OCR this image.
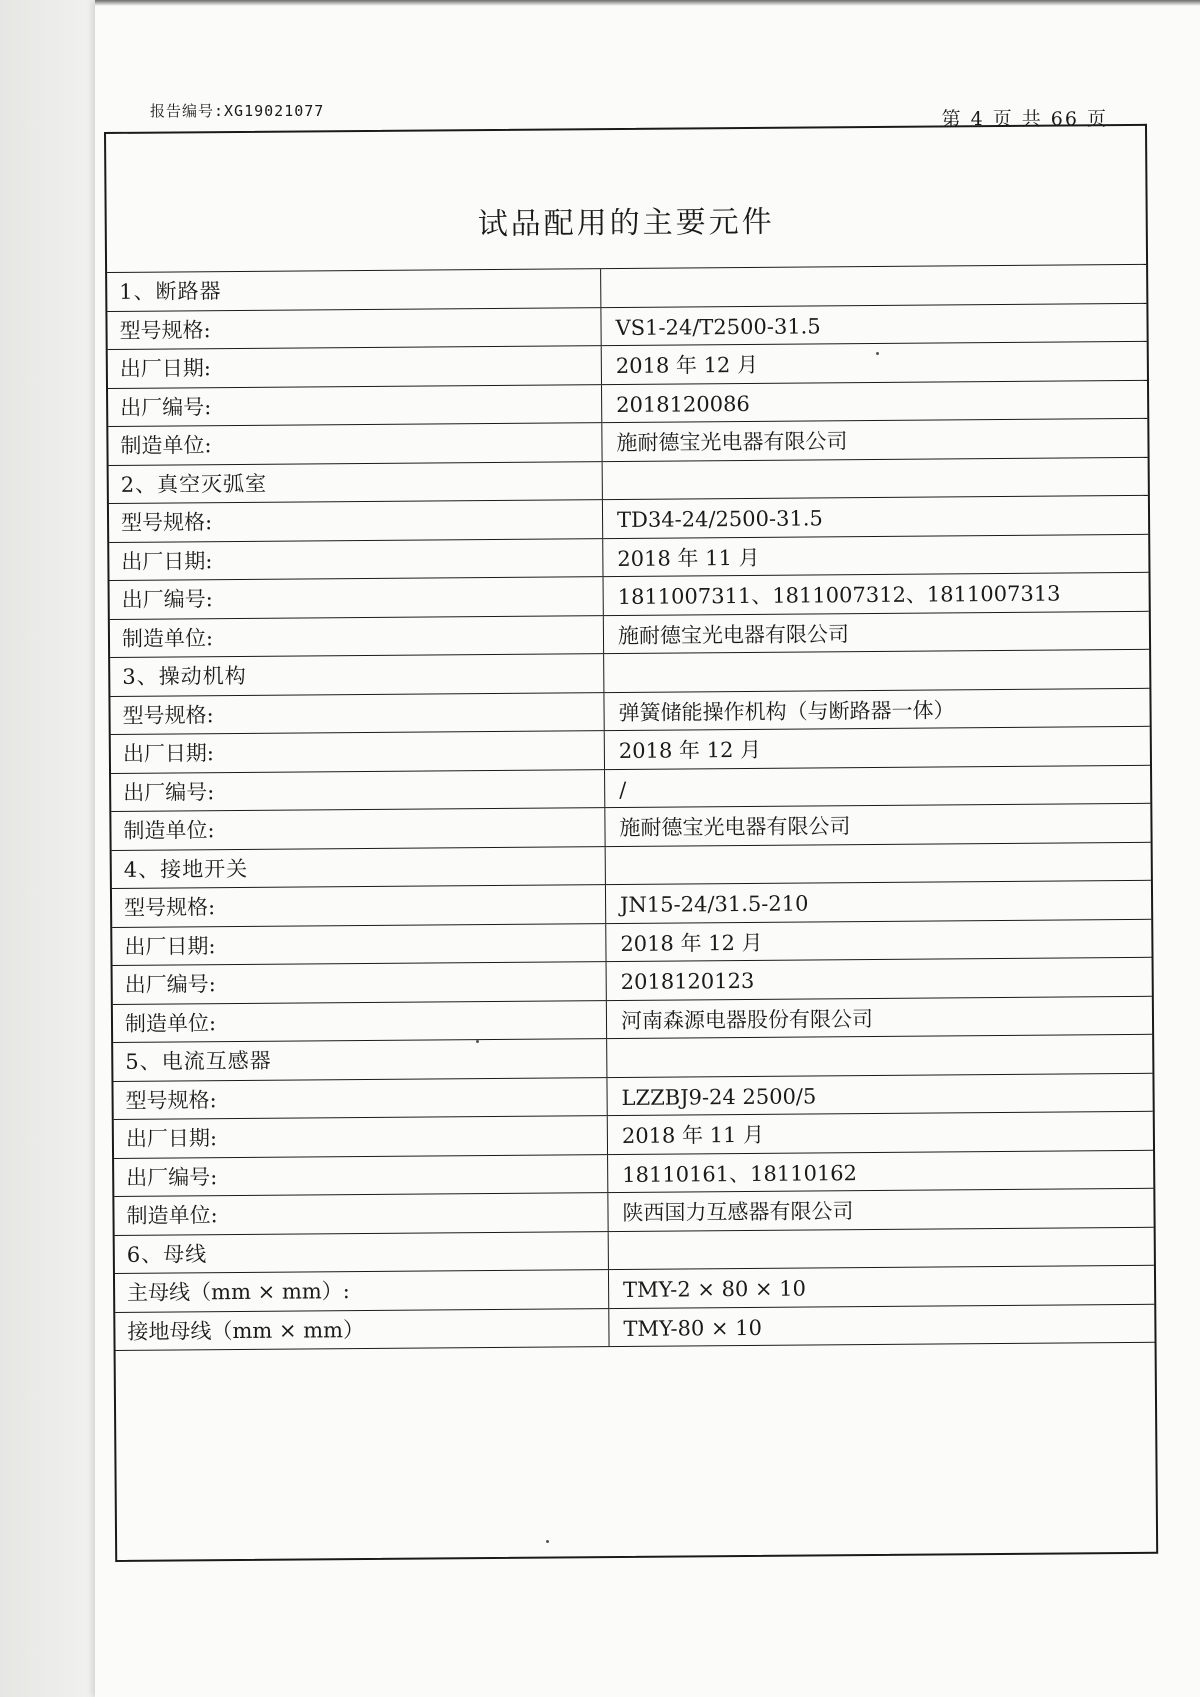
报告编号:XG19021077	第 4 页 共 66 页
试品配用的主要元件
1、断路器
型号规格:	VS1-24/T2500-31.5
出厂日期:	2018 年 12 月
出厂编号:	2018120086
制造单位:	施耐德宝光电器有限公司
2、真空灭弧室
型号规格:	TD34-24/2500-31.5
出厂日期:	2018 年 11 月
出厂编号:	1811007311、1811007312、1811007313
制造单位:	施耐德宝光电器有限公司
3、操动机构
型号规格:	弹簧储能操作机构（与断路器一体）
出厂日期:	2018 年 12 月
出厂编号:	/
制造单位:	施耐德宝光电器有限公司
4、接地开关
型号规格:	JN15-24/31.5-210
出厂日期:	2018 年 12 月
出厂编号:	2018120123
制造单位:	河南森源电器股份有限公司
5、电流互感器
型号规格:	LZZBJ9-24 2500/5
出厂日期:	2018 年 11 月
出厂编号:	18110161、18110162
制造单位:	陕西国力互感器有限公司
6、母线
主母线（mm × mm）:	TMY-2 × 80 × 10
接地母线（mm × mm）	TMY-80 × 10
